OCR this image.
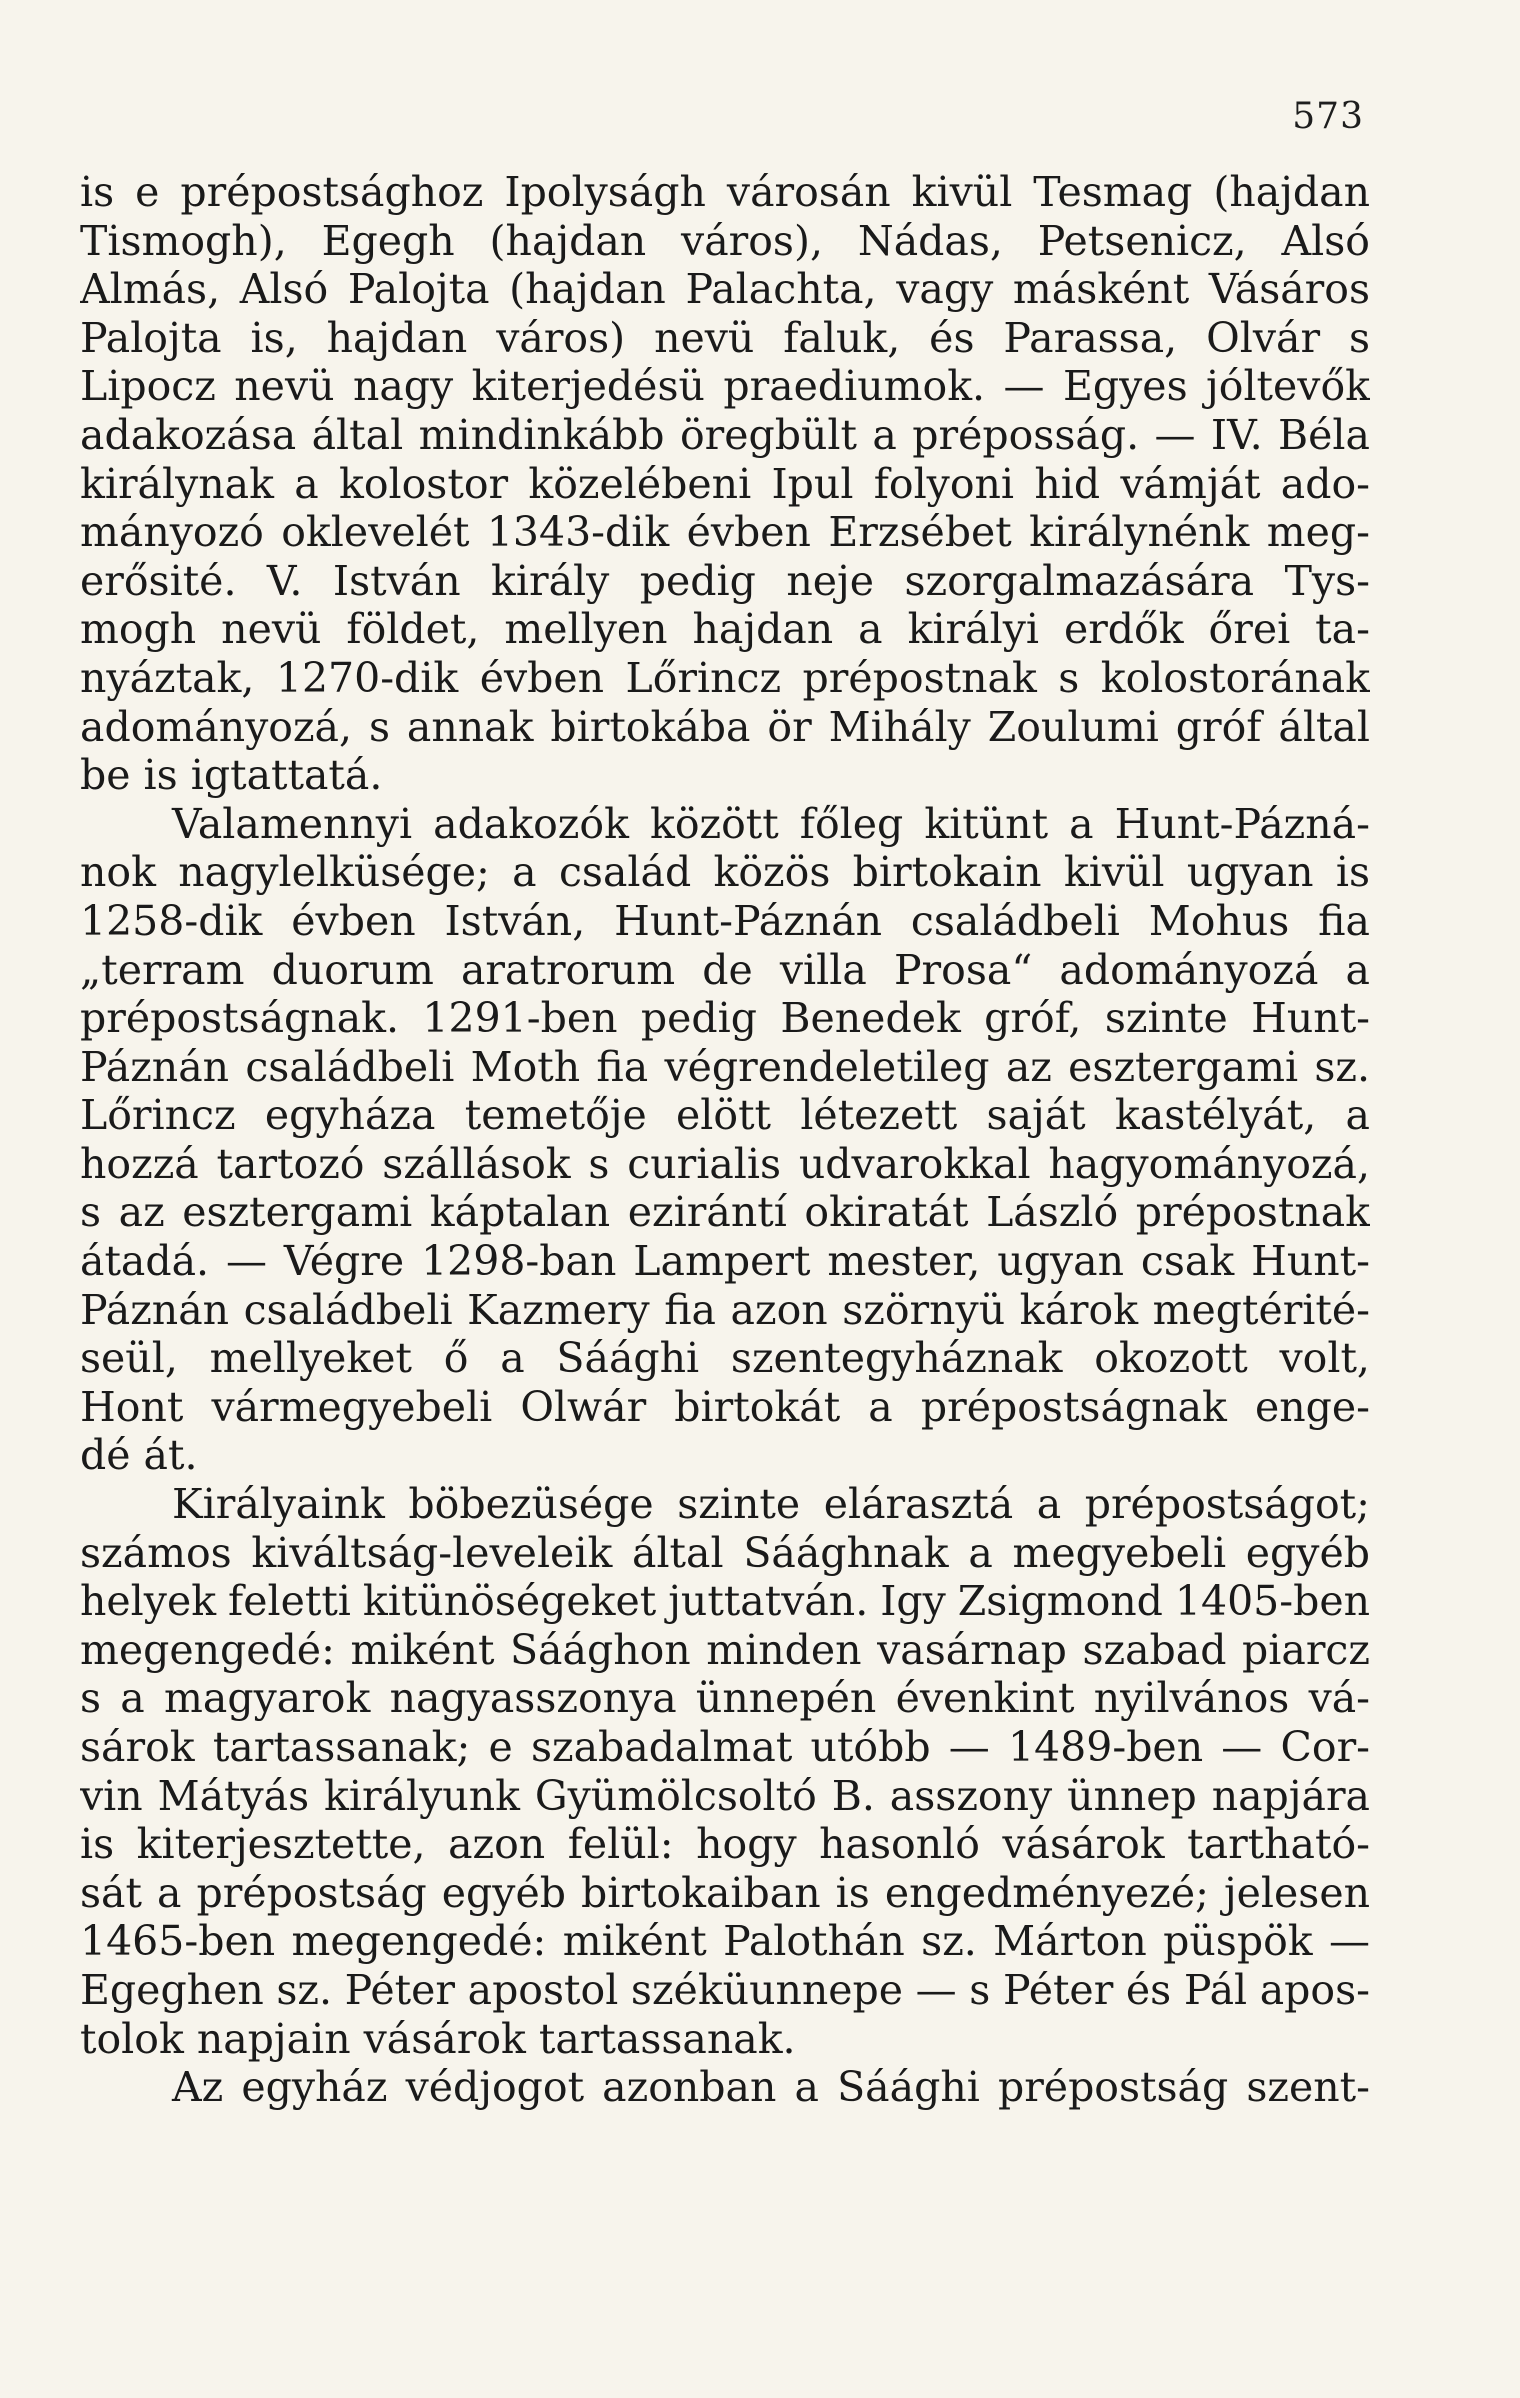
573
is e prépostsághoz Ipolyságh városán kivül Tesmag (hajdan
Tismogh), Egegh (hajdan város), Nádas, Petsenicz, Alsó
Almás, Alsó Palojta (hajdan Palachta, vagy másként Vásáros
Palojta is, hajdan város) nevü faluk, és Parassa, Olvár s
Lipocz nevü nagy kiterjedésü praediumok. — Egyes jóltevők
adakozása által mindinkább öregbült a préposság. — IV. Béla
királynak a kolostor közelébeni Ipul folyoni hid vámját ado-
mányozó oklevelét 1343-dik évben Erzsébet királynénk meg-
erősité. V. István király pedig neje szorgalmazására Tys-
mogh nevü földet, mellyen hajdan a királyi erdők őrei ta-
nyáztak, 1270-dik évben Lőrincz prépostnak s kolostorának
adományozá, s annak birtokába ör Mihály Zoulumi gróf által
be is igtattatá.
Valamennyi adakozók között főleg kitünt a Hunt-Pázná-
nok nagylelküsége; a család közös birtokain kivül ugyan is
1258-dik évben István, Hunt-Páznán családbeli Mohus fia
„terram duorum aratrorum de villa Prosa“ adományozá a
prépostságnak. 1291-ben pedig Benedek gróf, szinte Hunt-
Páznán családbeli Moth fia végrendeletileg az esztergami sz.
Lőrincz egyháza temetője elött létezett saját kastélyát, a
hozzá tartozó szállások s curialis udvarokkal hagyományozá,
s az esztergami káptalan ezirántí okiratát László prépostnak
átadá. — Végre 1298-ban Lampert mester, ugyan csak Hunt-
Páznán családbeli Kazmery fia azon szörnyü károk megtérité-
seül, mellyeket ő a Sáághi szentegyháznak okozott volt,
Hont vármegyebeli Olwár birtokát a prépostságnak enge-
dé át.
Királyaink böbezüsége szinte elárasztá a prépostságot;
számos kiváltság-leveleik által Sáághnak a megyebeli egyéb
helyek feletti kitünöségeket juttatván. Igy Zsigmond 1405-ben
megengedé: miként Sáághon minden vasárnap szabad piarcz
s a magyarok nagyasszonya ünnepén évenkint nyilvános vá-
sárok tartassanak; e szabadalmat utóbb — 1489-ben — Cor-
vin Mátyás királyunk Gyümölcsoltó B. asszony ünnep napjára
is kiterjesztette, azon felül: hogy hasonló vásárok tartható-
sát a prépostság egyéb birtokaiban is engedményezé; jelesen
1465-ben megengedé: miként Palothán sz. Márton püspök —
Egeghen sz. Péter apostol széküunnepe — s Péter és Pál apos-
tolok napjain vásárok tartassanak.
Az egyház védjogot azonban a Sáághi prépostság szent-
